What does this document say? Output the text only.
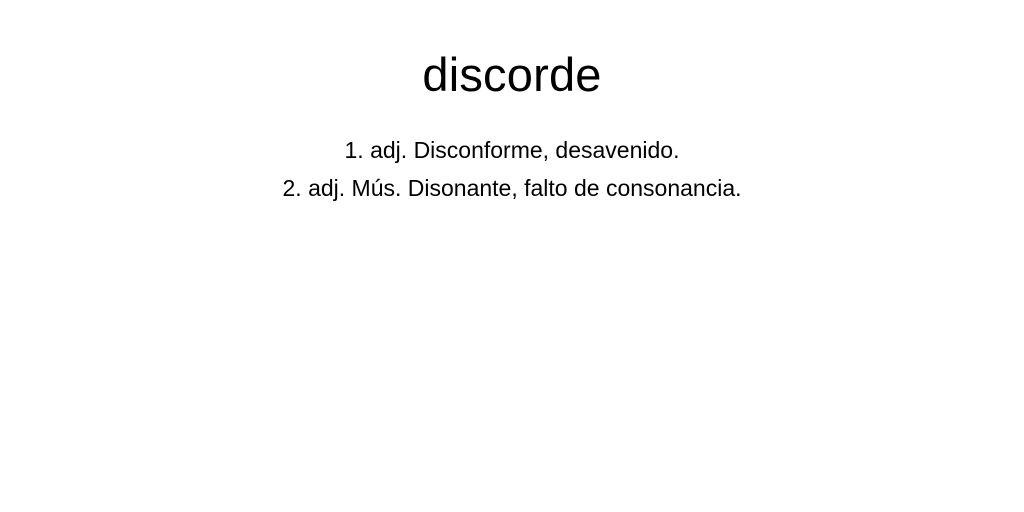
discorde
1. adj. Disconforme, desavenido.
2. adj. Mús. Disonante, falto de consonancia.
